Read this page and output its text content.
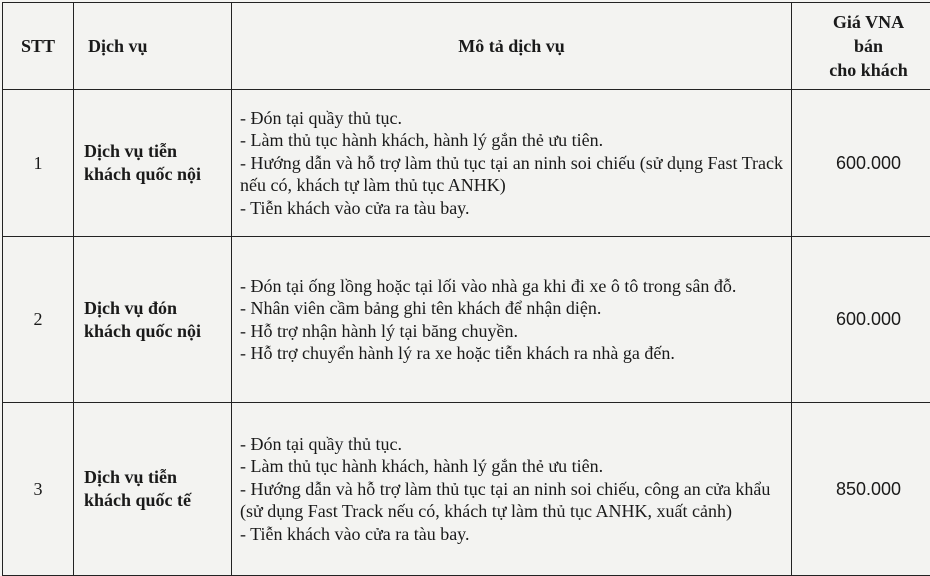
STT	Dịch vụ	Mô tả dịch vụ	Giá VNA
bán
cho khách

1	Dịch vụ tiễn khách quốc nội	- Đón tại quầy thủ tục.
- Làm thủ tục hành khách, hành lý gắn thẻ ưu tiên.
- Hướng dẫn và hỗ trợ làm thủ tục tại an ninh soi chiếu (sử dụng Fast Track nếu có, khách tự làm thủ tục ANHK)
- Tiễn khách vào cửa ra tàu bay.	600.000
2	Dịch vụ đón khách quốc nội	- Đón tại ống lồng hoặc tại lối vào nhà ga khi đi xe ô tô trong sân đỗ.
- Nhân viên cầm bảng ghi tên khách để nhận diện.
- Hỗ trợ nhận hành lý tại băng chuyền.
- Hỗ trợ chuyển hành lý ra xe hoặc tiễn khách ra nhà ga đến.	600.000
3	Dịch vụ tiễn khách quốc tế	- Đón tại quầy thủ tục.
- Làm thủ tục hành khách, hành lý gắn thẻ ưu tiên.
- Hướng dẫn và hỗ trợ làm thủ tục tại an ninh soi chiếu, công an cửa khẩu (sử dụng Fast Track nếu có, khách tự làm thủ tục ANHK, xuất cảnh)
- Tiễn khách vào cửa ra tàu bay.	850.000
